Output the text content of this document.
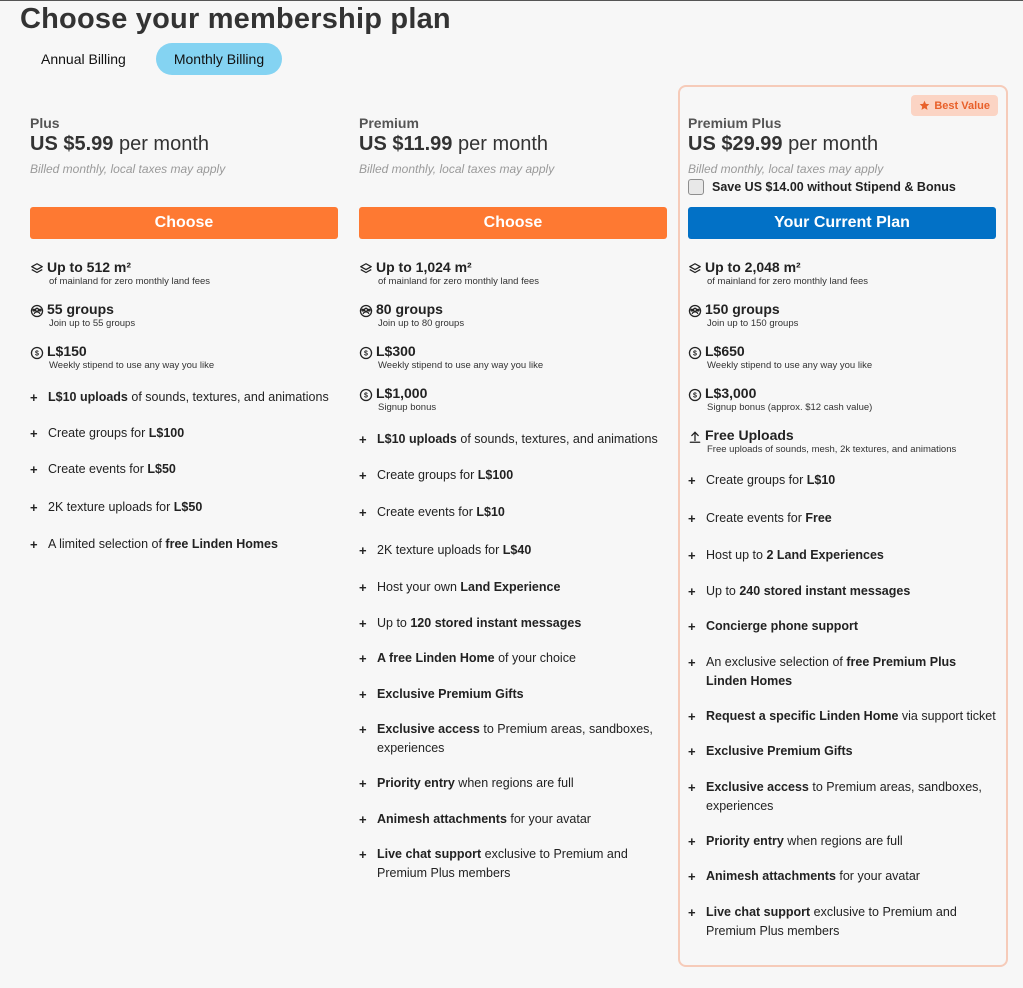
Choose your membership plan
Annual Billing	Monthly Billing
Plus
US $5.99 per month
Billed monthly, local taxes may apply
Choose
Up to 512 m²
of mainland for zero monthly land fees
55 groups
Join up to 55 groups
$ L$150
Weekly stipend to use any way you like
+ L$10 uploads of sounds, textures, and animations
+ Create groups for L$100
+ Create events for L$50
+ 2K texture uploads for L$50
+ A limited selection of free Linden Homes
Premium
US $11.99 per month
Billed monthly, local taxes may apply
Choose
Up to 1,024 m²
of mainland for zero monthly land fees
80 groups
Join up to 80 groups
$ L$300
Weekly stipend to use any way you like
$ L$1,000
Signup bonus
+ L$10 uploads of sounds, textures, and animations
+ Create groups for L$100
+ Create events for L$10
+ 2K texture uploads for L$40
+ Host your own Land Experience
+ Up to 120 stored instant messages
+ A free Linden Home of your choice
+ Exclusive Premium Gifts
+ Exclusive access to Premium areas, sandboxes, experiences
+ Priority entry when regions are full
+ Animesh attachments for your avatar
+ Live chat support exclusive to Premium and Premium Plus members
Best Value
Premium Plus
US $29.99 per month
Billed monthly, local taxes may apply
Save US $14.00 without Stipend & Bonus
Your Current Plan
Up to 2,048 m²
of mainland for zero monthly land fees
150 groups
Join up to 150 groups
$ L$650
Weekly stipend to use any way you like
$ L$3,000
Signup bonus (approx. $12 cash value)
Free Uploads
Free uploads of sounds, mesh, 2k textures, and animations
+ Create groups for L$10
+ Create events for Free
+ Host up to 2 Land Experiences
+ Up to 240 stored instant messages
+ Concierge phone support
+ An exclusive selection of free Premium Plus Linden Homes
+ Request a specific Linden Home via support ticket
+ Exclusive Premium Gifts
+ Exclusive access to Premium areas, sandboxes, experiences
+ Priority entry when regions are full
+ Animesh attachments for your avatar
+ Live chat support exclusive to Premium and Premium Plus members
